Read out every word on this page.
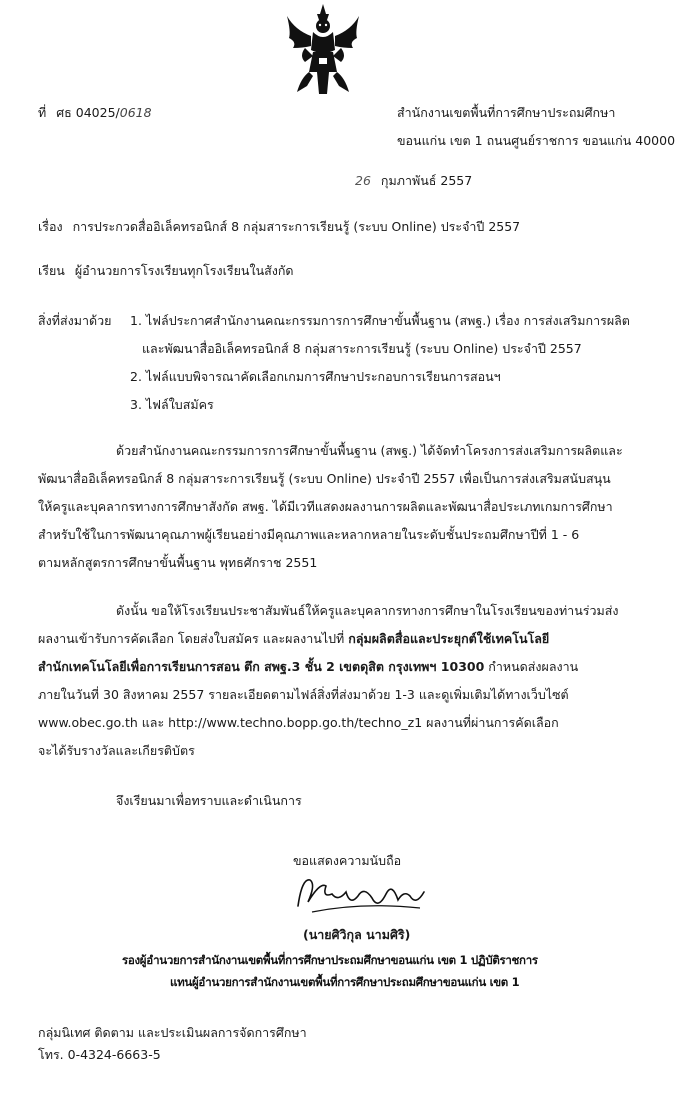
ที่ ศธ 04025/0618	สำนักงานเขตพื้นที่การศึกษาประถมศึกษา
ขอนแก่น เขต 1 ถนนศูนย์ราชการ ขอนแก่น 40000
26 กุมภาพันธ์ 2557
เรื่อง การประกวดสื่ออิเล็คทรอนิกส์ 8 กลุ่มสาระการเรียนรู้ (ระบบ Online) ประจำปี 2557
เรียน ผู้อำนวยการโรงเรียนทุกโรงเรียนในสังกัด
สิ่งที่ส่งมาด้วย 1. ไฟล์ประกาศสำนักงานคณะกรรมการการศึกษาขั้นพื้นฐาน (สพฐ.) เรื่อง การส่งเสริมการผลิต
และพัฒนาสื่ออิเล็คทรอนิกส์ 8 กลุ่มสาระการเรียนรู้ (ระบบ Online) ประจำปี 2557
2. ไฟล์แบบพิจารณาคัดเลือกเกมการศึกษาประกอบการเรียนการสอนฯ
3. ไฟล์ใบสมัคร
ด้วยสำนักงานคณะกรรมการการศึกษาขั้นพื้นฐาน (สพฐ.) ได้จัดทำโครงการส่งเสริมการผลิตและ
พัฒนาสื่ออิเล็คทรอนิกส์ 8 กลุ่มสาระการเรียนรู้ (ระบบ Online) ประจำปี 2557 เพื่อเป็นการส่งเสริมสนับสนุน
ให้ครูและบุคลากรทางการศึกษาสังกัด สพฐ. ได้มีเวทีแสดงผลงานการผลิตและพัฒนาสื่อประเภทเกมการศึกษา
สำหรับใช้ในการพัฒนาคุณภาพผู้เรียนอย่างมีคุณภาพและหลากหลายในระดับชั้นประถมศึกษาปีที่ 1 - 6
ตามหลักสูตรการศึกษาขั้นพื้นฐาน พุทธศักราช 2551
ดังนั้น ขอให้โรงเรียนประชาสัมพันธ์ให้ครูและบุคลากรทางการศึกษาในโรงเรียนของท่านร่วมส่ง
ผลงานเข้ารับการคัดเลือก โดยส่งใบสมัคร และผลงานไปที่ กลุ่มผลิตสื่อและประยุกต์ใช้เทคโนโลยี
สำนักเทคโนโลยีเพื่อการเรียนการสอน ตึก สพฐ.3 ชั้น 2 เขตดุสิต กรุงเทพฯ 10300 กำหนดส่งผลงาน
ภายในวันที่ 30 สิงหาคม 2557 รายละเอียดตามไฟล์สิ่งที่ส่งมาด้วย 1-3 และดูเพิ่มเติมได้ทางเว็บไซต์
www.obec.go.th และ http://www.techno.bopp.go.th/techno_z1 ผลงานที่ผ่านการคัดเลือก
จะได้รับรางวัลและเกียรติบัตร
จึงเรียนมาเพื่อทราบและดำเนินการ
ขอแสดงความนับถือ
(นายศิวิกุล นามศิริ)
รองผู้อำนวยการสำนักงานเขตพื้นที่การศึกษาประถมศึกษาขอนแก่น เขต 1 ปฏิบัติราชการ
แทนผู้อำนวยการสำนักงานเขตพื้นที่การศึกษาประถมศึกษาขอนแก่น เขต 1
กลุ่มนิเทศ ติดตาม และประเมินผลการจัดการศึกษา
โทร. 0-4324-6663-5
